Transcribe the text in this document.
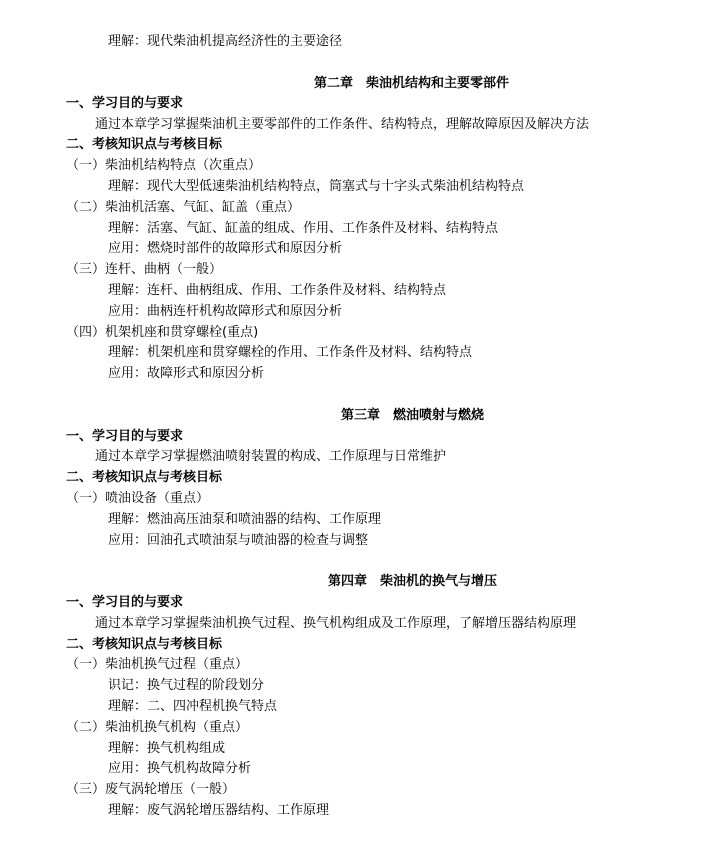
理解：现代柴油机提高经济性的主要途径
第二章　柴油机结构和主要零部件
一、学习目的与要求
通过本章学习掌握柴油机主要零部件的工作条件、结构特点，理解故障原因及解决方法
二、考核知识点与考核目标
（一）柴油机结构特点（次重点）
理解：现代大型低速柴油机结构特点，筒塞式与十字头式柴油机结构特点
（二）柴油机活塞、气缸、缸盖（重点）
理解：活塞、气缸、缸盖的组成、作用、工作条件及材料、结构特点
应用：燃烧时部件的故障形式和原因分析
（三）连杆、曲柄（一般）
理解：连杆、曲柄组成、作用、工作条件及材料、结构特点
应用：曲柄连杆机构故障形式和原因分析
（四）机架机座和贯穿螺栓(重点)
理解：机架机座和贯穿螺栓的作用、工作条件及材料、结构特点
应用：故障形式和原因分析
第三章　燃油喷射与燃烧
一、学习目的与要求
通过本章学习掌握燃油喷射装置的构成、工作原理与日常维护
二、考核知识点与考核目标
（一）喷油设备（重点）
理解：燃油高压油泵和喷油器的结构、工作原理
应用：回油孔式喷油泵与喷油器的检查与调整
第四章　柴油机的换气与增压
一、学习目的与要求
通过本章学习掌握柴油机换气过程、换气机构组成及工作原理，了解增压器结构原理
二、考核知识点与考核目标
（一）柴油机换气过程（重点）
识记：换气过程的阶段划分
理解：二、四冲程机换气特点
（二）柴油机换气机构（重点）
理解：换气机构组成
应用：换气机构故障分析
（三）废气涡轮增压（一般）
理解：废气涡轮增压器结构、工作原理
